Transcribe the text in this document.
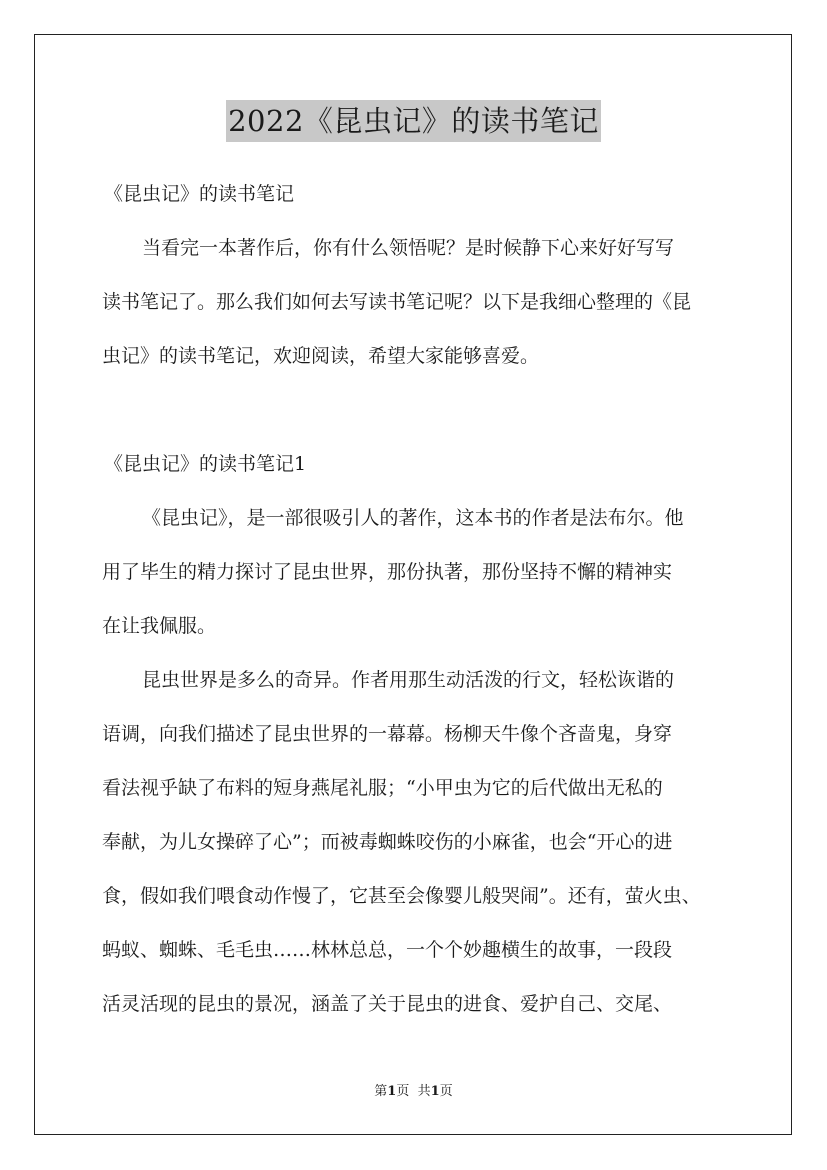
2022《昆虫记》的读书笔记
《昆虫记》的读书笔记
当看完一本著作后，你有什么领悟呢？是时候静下心来好好写写
读书笔记了。那么我们如何去写读书笔记呢？以下是我细心整理的《昆
虫记》的读书笔记，欢迎阅读，希望大家能够喜爱。
《昆虫记》的读书笔记1
《昆虫记》，是一部很吸引人的著作，这本书的作者是法布尔。他
用了毕生的精力探讨了昆虫世界，那份执著，那份坚持不懈的精神实
在让我佩服。
昆虫世界是多么的奇异。作者用那生动活泼的行文，轻松诙谐的
语调，向我们描述了昆虫世界的一幕幕。杨柳天牛像个吝啬鬼，身穿
看法视乎缺了布料的短身燕尾礼服；“小甲虫为它的后代做出无私的
奉献，为儿女操碎了心”；而被毒蜘蛛咬伤的小麻雀，也会“开心的进
食，假如我们喂食动作慢了，它甚至会像婴儿般哭闹”。还有，萤火虫、
蚂蚁、蜘蛛、毛毛虫……林林总总，一个个妙趣横生的故事，一段段
活灵活现的昆虫的景况，涵盖了关于昆虫的进食、爱护自己、交尾、
第1页 共1页
